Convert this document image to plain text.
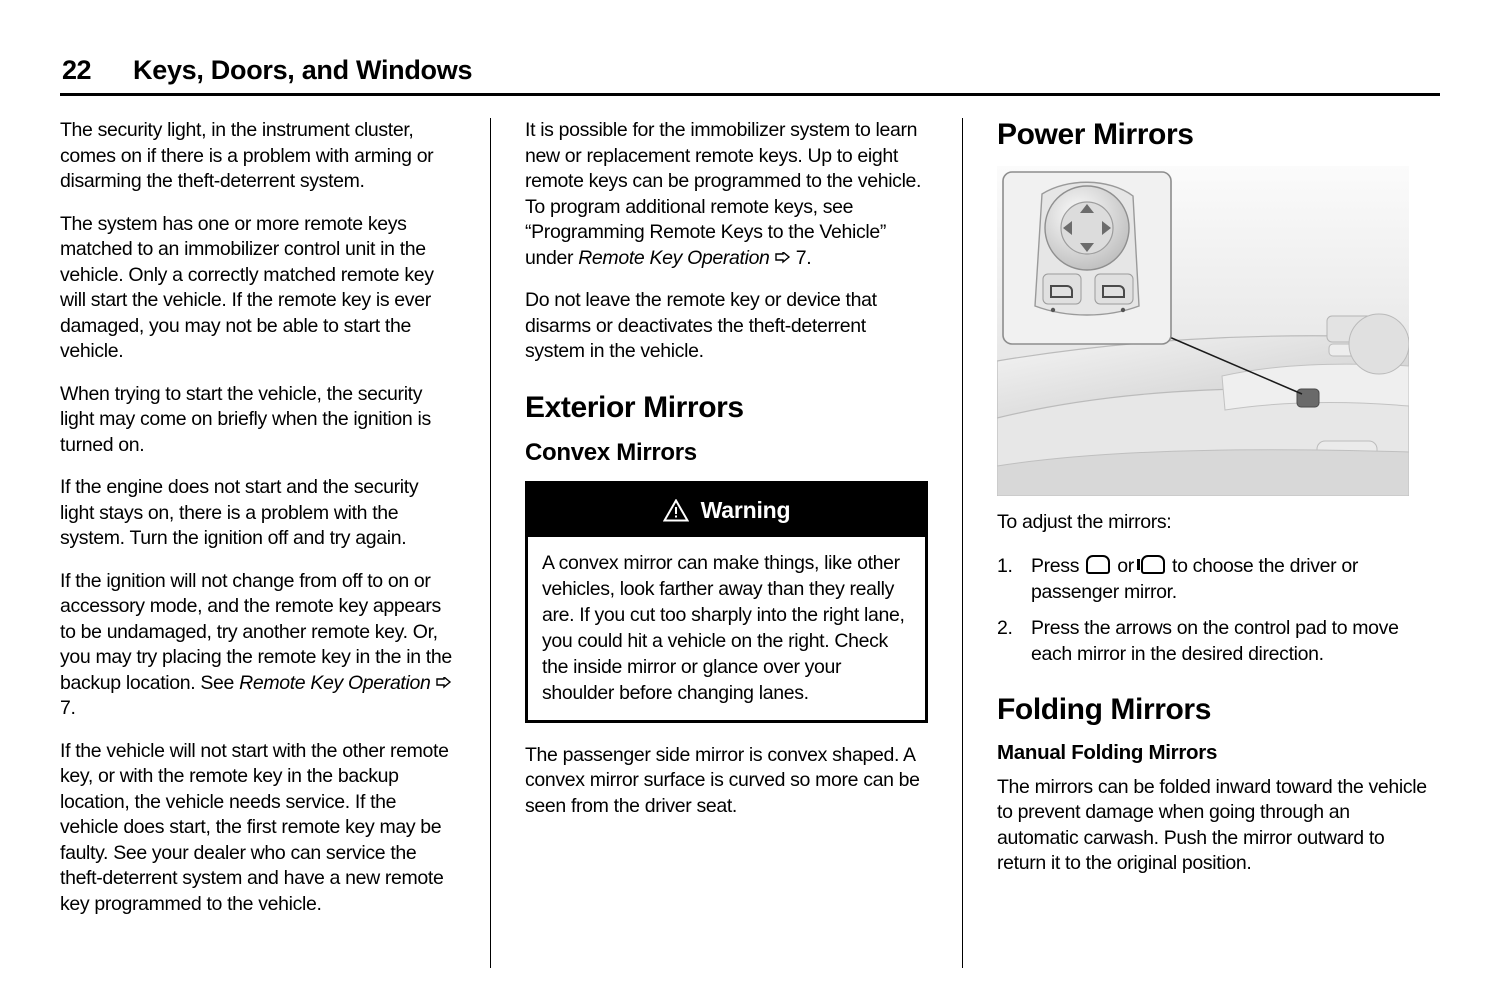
22 Keys, Doors, and Windows

The security light, in the instrument cluster, comes on if there is a problem with arming or disarming the theft-deterrent system.

The system has one or more remote keys matched to an immobilizer control unit in the vehicle. Only a correctly matched remote key will start the vehicle. If the remote key is ever damaged, you may not be able to start the vehicle.

When trying to start the vehicle, the security light may come on briefly when the ignition is turned on.

If the engine does not start and the security light stays on, there is a problem with the system. Turn the ignition off and try again.

If the ignition will not change from off to on or accessory mode, and the remote key appears to be undamaged, try another remote key. Or, you may try placing the remote key in the in the backup location. See Remote Key Operation  7.

If the vehicle will not start with the other remote key, or with the remote key in the backup location, the vehicle needs service. If the vehicle does start, the first remote key may be faulty. See your dealer who can service the theft-deterrent system and have a new remote key programmed to the vehicle.

It is possible for the immobilizer system to learn new or replacement remote keys. Up to eight remote keys can be programmed to the vehicle. To program additional remote keys, see “Programming Remote Keys to the Vehicle” under Remote Key Operation  7.

Do not leave the remote key or device that disarms or deactivates the theft-deterrent system in the vehicle.

Exterior Mirrors
Convex Mirrors
Warning
A convex mirror can make things, like other vehicles, look farther away than they really are. If you cut too sharply into the right lane, you could hit a vehicle on the right. Check the inside mirror or glance over your shoulder before changing lanes.

The passenger side mirror is convex shaped. A convex mirror surface is curved so more can be seen from the driver seat.

Power Mirrors

To adjust the mirrors:

1. Press  or  to choose the driver or passenger mirror.
2. Press the arrows on the control pad to move each mirror in the desired direction.
Folding Mirrors
Manual Folding Mirrors

The mirrors can be folded inward toward the vehicle to prevent damage when going through an automatic carwash. Push the mirror outward to return it to the original position.
